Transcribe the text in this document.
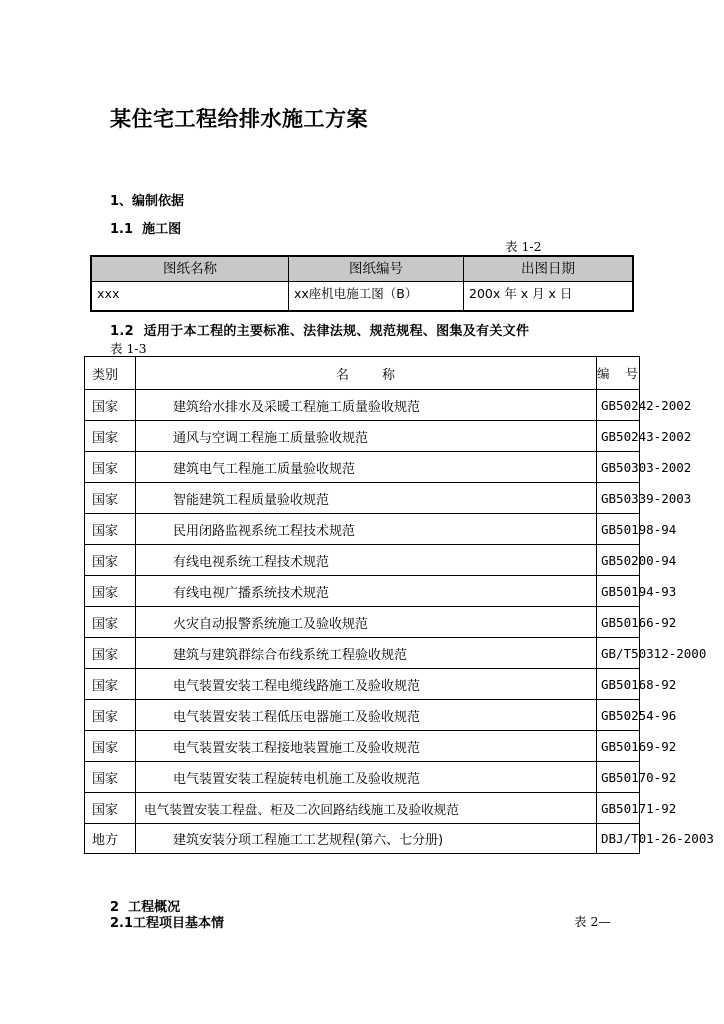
某住宅工程给排水施工方案
1、编制依据
1.1  施工图
表 1-2
图纸名称	图纸编号	出图日期
xxx	xx座机电施工图（B）	200x 年 x 月 x 日
1.2  适用于本工程的主要标准、法律法规、规范规程、图集及有关文件
表 1-3
类别	名        称	编    号
国家	建筑给水排水及采暖工程施工质量验收规范	GB50242-2002
国家	通风与空调工程施工质量验收规范	GB50243-2002
国家	建筑电气工程施工质量验收规范	GB50303-2002
国家	智能建筑工程质量验收规范	GB50339-2003
国家	民用闭路监视系统工程技术规范	GB50198-94
国家	有线电视系统工程技术规范	GB50200-94
国家	有线电视广播系统技术规范	GB50194-93
国家	火灾自动报警系统施工及验收规范	GB50166-92
国家	建筑与建筑群综合布线系统工程验收规范	GB/T50312-2000
国家	电气装置安装工程电缆线路施工及验收规范	GB50168-92
国家	电气装置安装工程低压电器施工及验收规范	GB50254-96
国家	电气装置安装工程接地装置施工及验收规范	GB50169-92
国家	电气装置安装工程旋转电机施工及验收规范	GB50170-92
国家	电气装置安装工程盘、柜及二次回路结线施工及验收规范	GB50171-92
地方	建筑安装分项工程施工工艺规程(第六、七分册)	DBJ/T01-26-2003
2  工程概况
2.1工程项目基本情	表 2—
